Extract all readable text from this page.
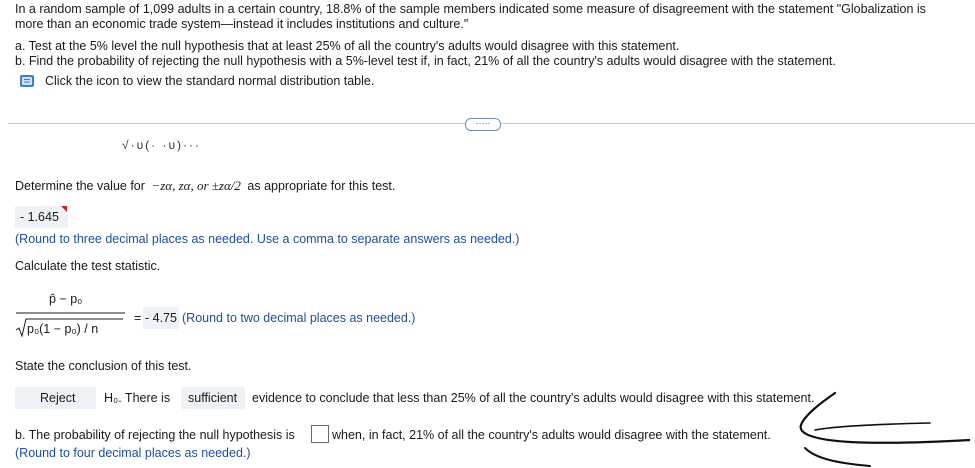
In a random sample of 1,099 adults in a certain country, 18.8% of the sample members indicated some measure of disagreement with the statement "Globalization is

more than an economic trade system—instead it includes institutions and culture."

a. Test at the 5% level the null hypothesis that at least 25% of all the country's adults would disagree with this statement.

b. Find the probability of rejecting the null hypothesis with a 5%-level test if, in fact, 21% of all the country's adults would disagree with the statement.

Click the icon to view the standard normal distribution table.
·····
√·ᴜ(· ·ᴜ)···
Determine the value for −zα, zα, or ±zα/2 as appropriate for this test.
- 1.645
(Round to three decimal places as needed. Use a comma to separate answers as needed.)
Calculate the test statistic.
p̂ − p₀
p₀(1 − p₀) / n
= - 4.75 (Round to two decimal places as needed.)
State the conclusion of this test.
Reject H₀. There is sufficient evidence to conclude that less than 25% of all the country's adults would disagree with this statement.
b. The probability of rejecting the null hypothesis is	when, in fact, 21% of all the country's adults would disagree with the statement.
(Round to four decimal places as needed.)
